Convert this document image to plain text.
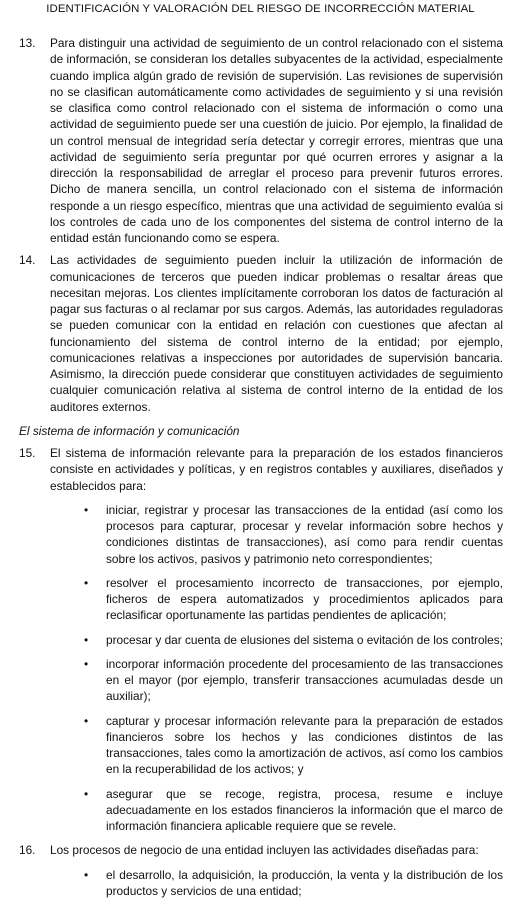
IDENTIFICACIÓN Y VALORACIÓN DEL RIESGO DE INCORRECCIÓN MATERIAL
13. Para distinguir una actividad de seguimiento de un control relacionado con el sistema de información, se consideran los detalles subyacentes de la actividad, especialmente cuando implica algún grado de revisión de supervisión. Las revisiones de supervisión no se clasifican automáticamente como actividades de seguimiento y si una revisión se clasifica como control relacionado con el sistema de información o como una actividad de seguimiento puede ser una cuestión de juicio. Por ejemplo, la finalidad de un control mensual de integridad sería detectar y corregir errores, mientras que una actividad de seguimiento sería preguntar por qué ocurren errores y asignar a la dirección la responsabilidad de arreglar el proceso para prevenir futuros errores. Dicho de manera sencilla, un control relacionado con el sistema de información responde a un riesgo específico, mientras que una actividad de seguimiento evalúa si los controles de cada uno de los componentes del sistema de control interno de la entidad están funcionando como se espera.
14. Las actividades de seguimiento pueden incluir la utilización de información de comunicaciones de terceros que pueden indicar problemas o resaltar áreas que necesitan mejoras. Los clientes implícitamente corroboran los datos de facturación al pagar sus facturas o al reclamar por sus cargos. Además, las autoridades reguladoras se pueden comunicar con la entidad en relación con cuestiones que afectan al funcionamiento del sistema de control interno de la entidad; por ejemplo, comunicaciones relativas a inspecciones por autoridades de supervisión bancaria. Asimismo, la dirección puede considerar que constituyen actividades de seguimiento cualquier comunicación relativa al sistema de control interno de la entidad de los auditores externos.
El sistema de información y comunicación
15. El sistema de información relevante para la preparación de los estados financieros consiste en actividades y políticas, y en registros contables y auxiliares, diseñados y establecidos para:
• iniciar, registrar y procesar las transacciones de la entidad (así como los procesos para capturar, procesar y revelar información sobre hechos y condiciones distintas de transacciones), así como para rendir cuentas sobre los activos, pasivos y patrimonio neto correspondientes;
• resolver el procesamiento incorrecto de transacciones, por ejemplo, ficheros de espera automatizados y procedimientos aplicados para reclasificar oportunamente las partidas pendientes de aplicación;
• procesar y dar cuenta de elusiones del sistema o evitación de los controles;
• incorporar información procedente del procesamiento de las transacciones en el mayor (por ejemplo, transferir transacciones acumuladas desde un auxiliar);
• capturar y procesar información relevante para la preparación de estados financieros sobre los hechos y las condiciones distintos de las transacciones, tales como la amortización de activos, así como los cambios en la recuperabilidad de los activos; y
• asegurar que se recoge, registra, procesa, resume e incluye adecuadamente en los estados financieros la información que el marco de información financiera aplicable requiere que se revele.
16. Los procesos de negocio de una entidad incluyen las actividades diseñadas para:
• el desarrollo, la adquisición, la producción, la venta y la distribución de los productos y servicios de una entidad;
